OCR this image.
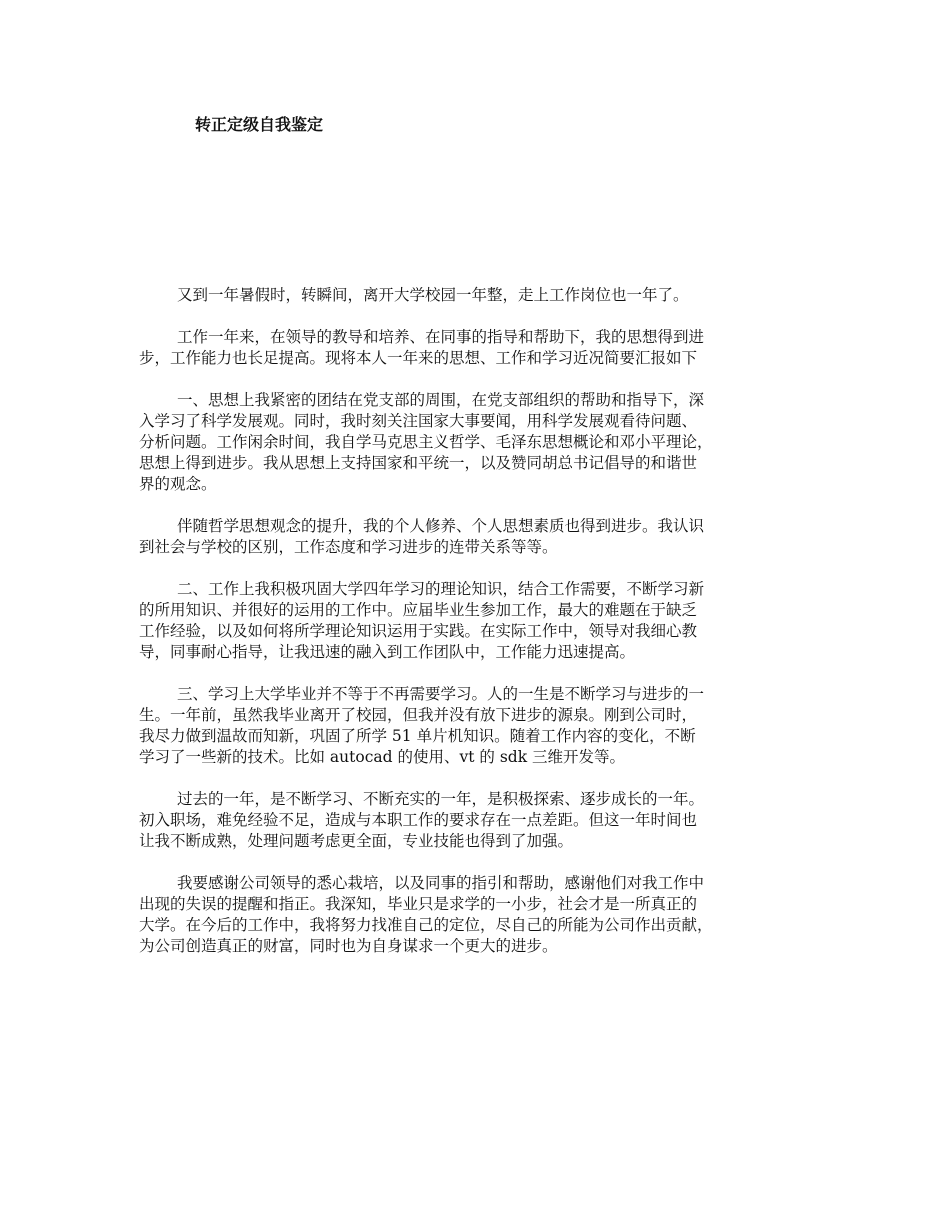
转正定级自我鉴定

又到一年暑假时，转瞬间，离开大学校园一年整，走上工作岗位也一年了。

工作一年来，在领导的教导和培养、在同事的指导和帮助下，我的思想得到进
步，工作能力也长足提高。现将本人一年来的思想、工作和学习近况简要汇报如下

一、思想上我紧密的团结在党支部的周围，在党支部组织的帮助和指导下，深
入学习了科学发展观。同时，我时刻关注国家大事要闻，用科学发展观看待问题、
分析问题。工作闲余时间，我自学马克思主义哲学、毛泽东思想概论和邓小平理论，
思想上得到进步。我从思想上支持国家和平统一，以及赞同胡总书记倡导的和谐世
界的观念。

伴随哲学思想观念的提升，我的个人修养、个人思想素质也得到进步。我认识
到社会与学校的区别，工作态度和学习进步的连带关系等等。

二、工作上我积极巩固大学四年学习的理论知识，结合工作需要，不断学习新
的所用知识、并很好的运用的工作中。应届毕业生参加工作，最大的难题在于缺乏
工作经验，以及如何将所学理论知识运用于实践。在实际工作中，领导对我细心教
导，同事耐心指导，让我迅速的融入到工作团队中，工作能力迅速提高。

三、学习上大学毕业并不等于不再需要学习。人的一生是不断学习与进步的一
生。一年前，虽然我毕业离开了校园，但我并没有放下进步的源泉。刚到公司时，
我尽力做到温故而知新，巩固了所学 51 单片机知识。随着工作内容的变化，不断
学习了一些新的技术。比如 autocad 的使用、vt 的 sdk 三维开发等。

过去的一年，是不断学习、不断充实的一年，是积极探索、逐步成长的一年。
初入职场，难免经验不足，造成与本职工作的要求存在一点差距。但这一年时间也
让我不断成熟，处理问题考虑更全面，专业技能也得到了加强。

我要感谢公司领导的悉心栽培，以及同事的指引和帮助，感谢他们对我工作中
出现的失误的提醒和指正。我深知，毕业只是求学的一小步，社会才是一所真正的
大学。在今后的工作中，我将努力找准自己的定位，尽自己的所能为公司作出贡献，
为公司创造真正的财富，同时也为自身谋求一个更大的进步。
